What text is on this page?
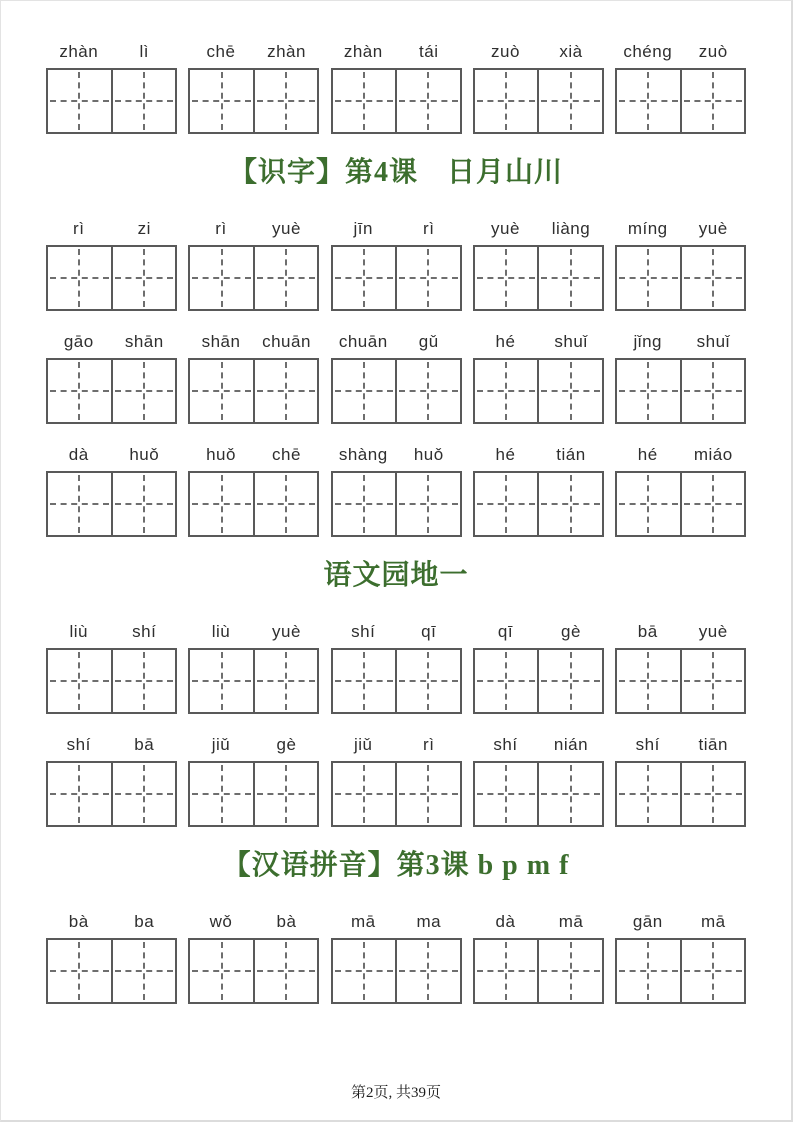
zhàn	lì	chē	zhàn	zhàn	tái	zuò	xià	chéng	zuò
【识字】第4课　日月山川
rì	zi	rì	yuè	jīn	rì	yuè	liàng	míng	yuè
gāo	shān	shān	chuān	chuān	gǔ	hé	shuǐ	jǐng	shuǐ
dà	huǒ	huǒ	chē	shàng	huǒ	hé	tián	hé	miáo
语文园地一
liù	shí	liù	yuè	shí	qī	qī	gè	bā	yuè
shí	bā	jiǔ	gè	jiǔ	rì	shí	nián	shí	tiān
【汉语拼音】第3课 b p m f
bà	ba	wǒ	bà	mā	ma	dà	mā	gān	mā
第2页, 共39页
